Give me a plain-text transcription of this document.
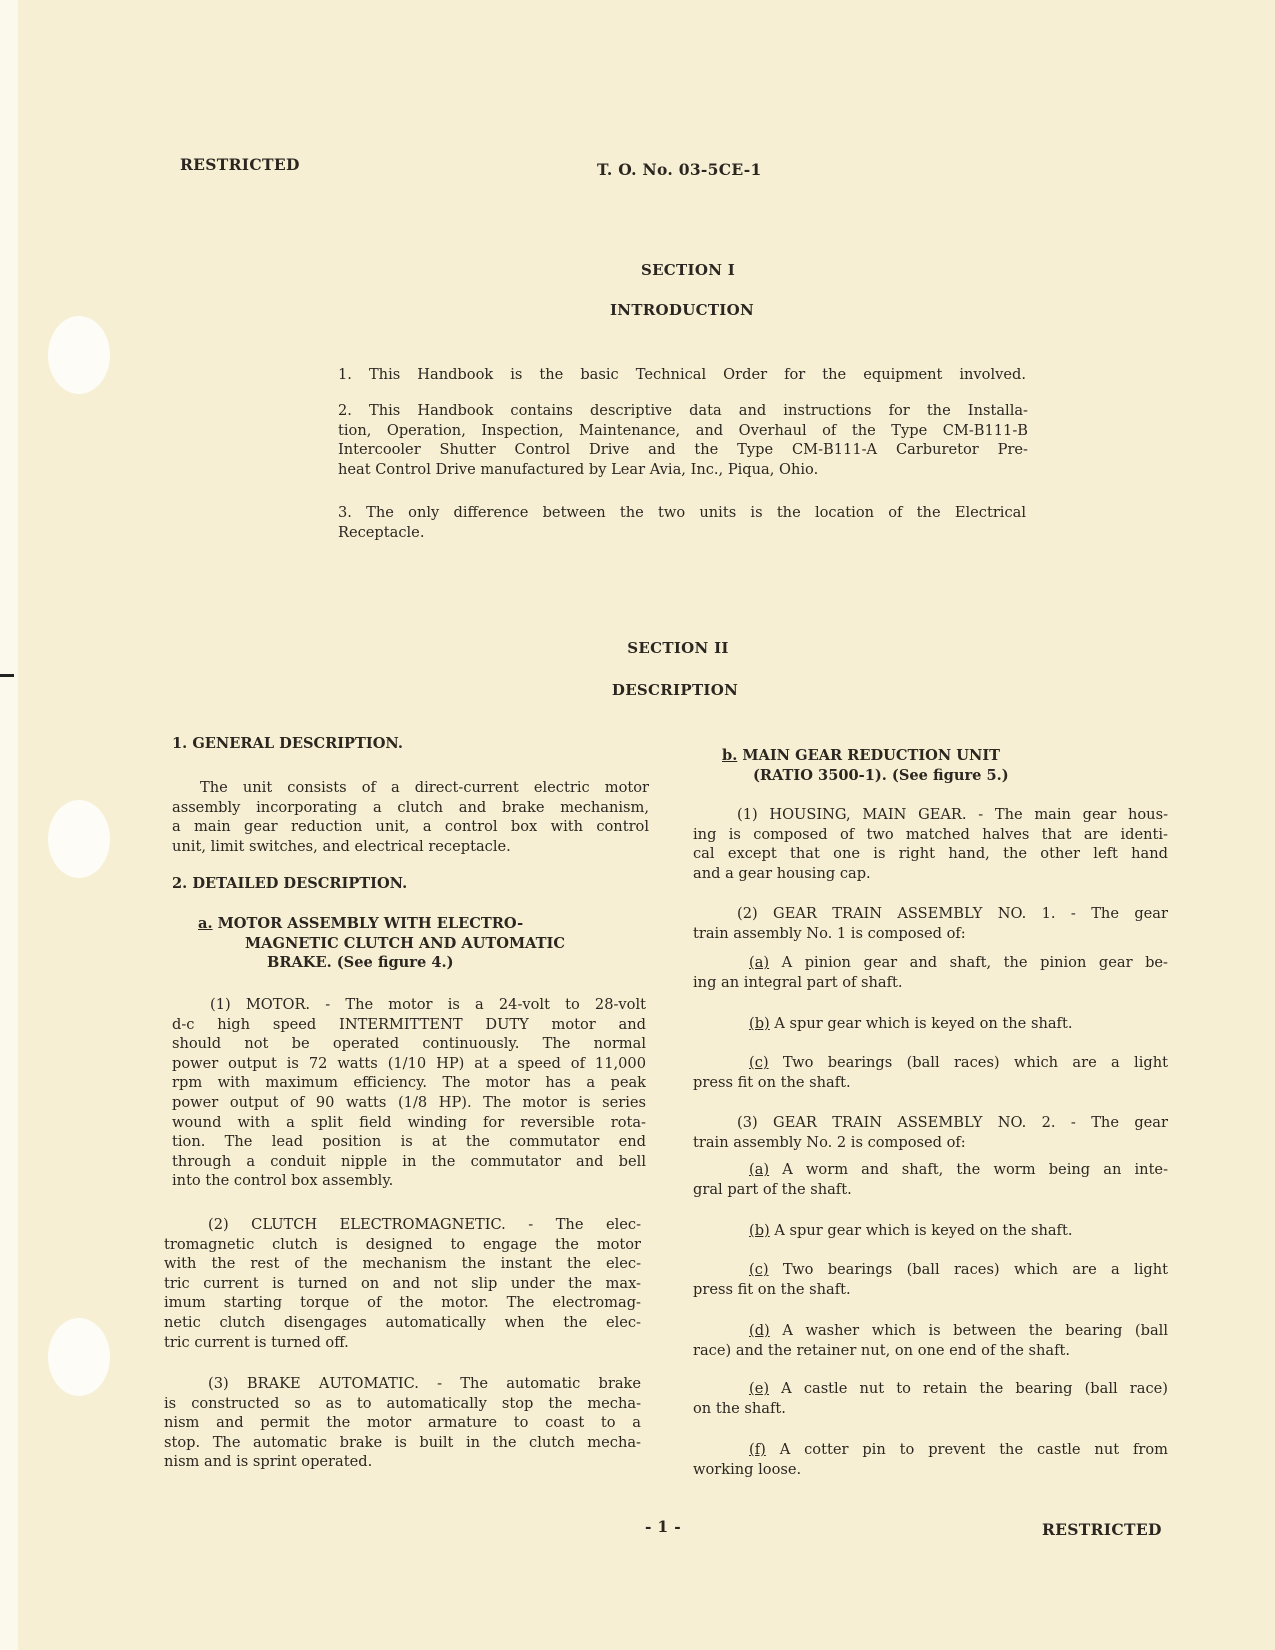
RESTRICTED	T. O. No. 03-5CE-1
SECTION I
INTRODUCTION
1. This Handbook is the basic Technical Order for the equipment involved.
2. This Handbook contains descriptive data and instructions for the Installa-
tion, Operation, Inspection, Maintenance, and Overhaul of the Type CM-B111-B
Intercooler Shutter Control Drive and the Type CM-B111-A Carburetor Pre-
heat Control Drive manufactured by Lear Avia, Inc., Piqua, Ohio.
3. The only difference between the two units is the location of the Electrical
Receptacle.
SECTION II
DESCRIPTION
1. GENERAL DESCRIPTION.
The unit consists of a direct-current electric motor
assembly incorporating a clutch and brake mechanism,
a main gear reduction unit, a control box with control
unit, limit switches, and electrical receptacle.
2. DETAILED DESCRIPTION.
a. MOTOR ASSEMBLY WITH ELECTRO-
MAGNETIC CLUTCH AND AUTOMATIC
BRAKE. (See figure 4.)
(1) MOTOR. - The motor is a 24-volt to 28-volt
d-c high speed INTERMITTENT DUTY motor and
should not be operated continuously. The normal
power output is 72 watts (1/10 HP) at a speed of 11,000
rpm with maximum efficiency. The motor has a peak
power output of 90 watts (1/8 HP). The motor is series
wound with a split field winding for reversible rota-
tion. The lead position is at the commutator end
through a conduit nipple in the commutator and bell
into the control box assembly.
(2) CLUTCH ELECTROMAGNETIC. - The elec-
tromagnetic clutch is designed to engage the motor
with the rest of the mechanism the instant the elec-
tric current is turned on and not slip under the max-
imum starting torque of the motor. The electromag-
netic clutch disengages automatically when the elec-
tric current is turned off.
(3) BRAKE AUTOMATIC. - The automatic brake
is constructed so as to automatically stop the mecha-
nism and permit the motor armature to coast to a
stop. The automatic brake is built in the clutch mecha-
nism and is sprint operated.
b. MAIN GEAR REDUCTION UNIT
(RATIO 3500-1). (See figure 5.)
(1) HOUSING, MAIN GEAR. - The main gear hous-
ing is composed of two matched halves that are identi-
cal except that one is right hand, the other left hand
and a gear housing cap.
(2) GEAR TRAIN ASSEMBLY NO. 1. - The gear
train assembly No. 1 is composed of:
(a) A pinion gear and shaft, the pinion gear be-
ing an integral part of shaft.
(b) A spur gear which is keyed on the shaft.
(c) Two bearings (ball races) which are a light
press fit on the shaft.
(3) GEAR TRAIN ASSEMBLY NO. 2. - The gear
train assembly No. 2 is composed of:
(a) A worm and shaft, the worm being an inte-
gral part of the shaft.
(b) A spur gear which is keyed on the shaft.
(c) Two bearings (ball races) which are a light
press fit on the shaft.
(d) A washer which is between the bearing (ball
race) and the retainer nut, on one end of the shaft.
(e) A castle nut to retain the bearing (ball race)
on the shaft.
(f) A cotter pin to prevent the castle nut from
working loose.
- 1 -	RESTRICTED
